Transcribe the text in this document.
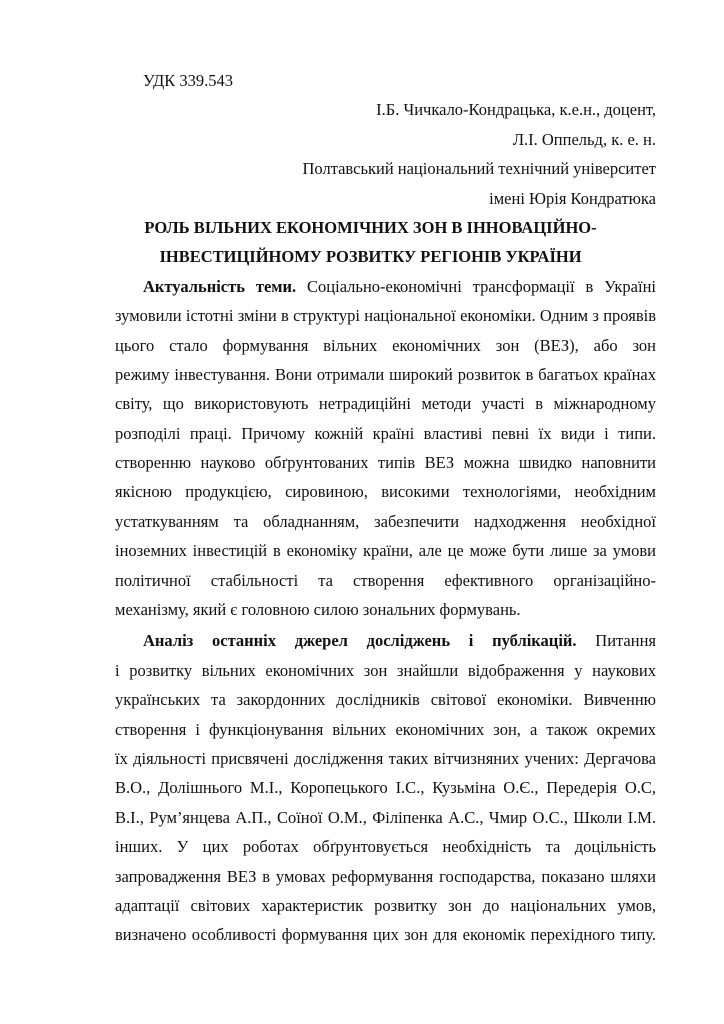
УДК 339.543
І.Б. Чичкало-Кондрацька, к.е.н., доцент,
Л.І. Оппельд, к. е. н.
Полтавський національний технічний університет
імені Юрія Кондратюка
РОЛЬ ВІЛЬНИХ ЕКОНОМІЧНИХ ЗОН В ІННОВАЦІЙНО-
ІНВЕСТИЦІЙНОМУ РОЗВИТКУ РЕГІОНІВ УКРАЇНИ
Актуальність теми. Соціально-економічні трансформації в Україні
зумовили істотні зміни в структурі національної економіки. Одним з проявів
цього стало формування вільних економічних зон (ВЕЗ), або зон
режиму інвестування. Вони отримали широкий розвиток в багатьох країнах
світу, що використовують нетрадиційні методи участі в міжнародному
розподілі праці. Причому кожній країні властиві певні їх види і типи.
створенню науково обґрунтованих типів ВЕЗ можна швидко наповнити
якісною продукцією, сировиною, високими технологіями, необхідним
устаткуванням та обладнанням, забезпечити надходження необхідної
іноземних інвестицій в економіку країни, але це може бути лише за умови
політичної стабільності та створення ефективного організаційно-
механізму, який є головною силою зональних формувань.
Аналіз останніх джерел досліджень і публікацій. Питання
і розвитку вільних економічних зон знайшли відображення у наукових
українських та закордонних дослідників світової економіки. Вивченню
створення і функціонування вільних економічних зон, а також окремих
їх діяльності присвячені дослідження таких вітчизняних учених: Дергачова
В.О., Долішнього М.І., Коропецького І.С., Кузьміна О.Є., Передерія О.С,
В.І., Рум’янцева А.П., Соїної О.М., Філіпенка А.С., Чмир О.С., Школи І.М.
інших. У цих роботах обґрунтовується необхідність та доцільність
запровадження ВЕЗ в умовах реформування господарства, показано шляхи
адаптації світових характеристик розвитку зон до національних умов,
визначено особливості формування цих зон для економік перехідного типу.
